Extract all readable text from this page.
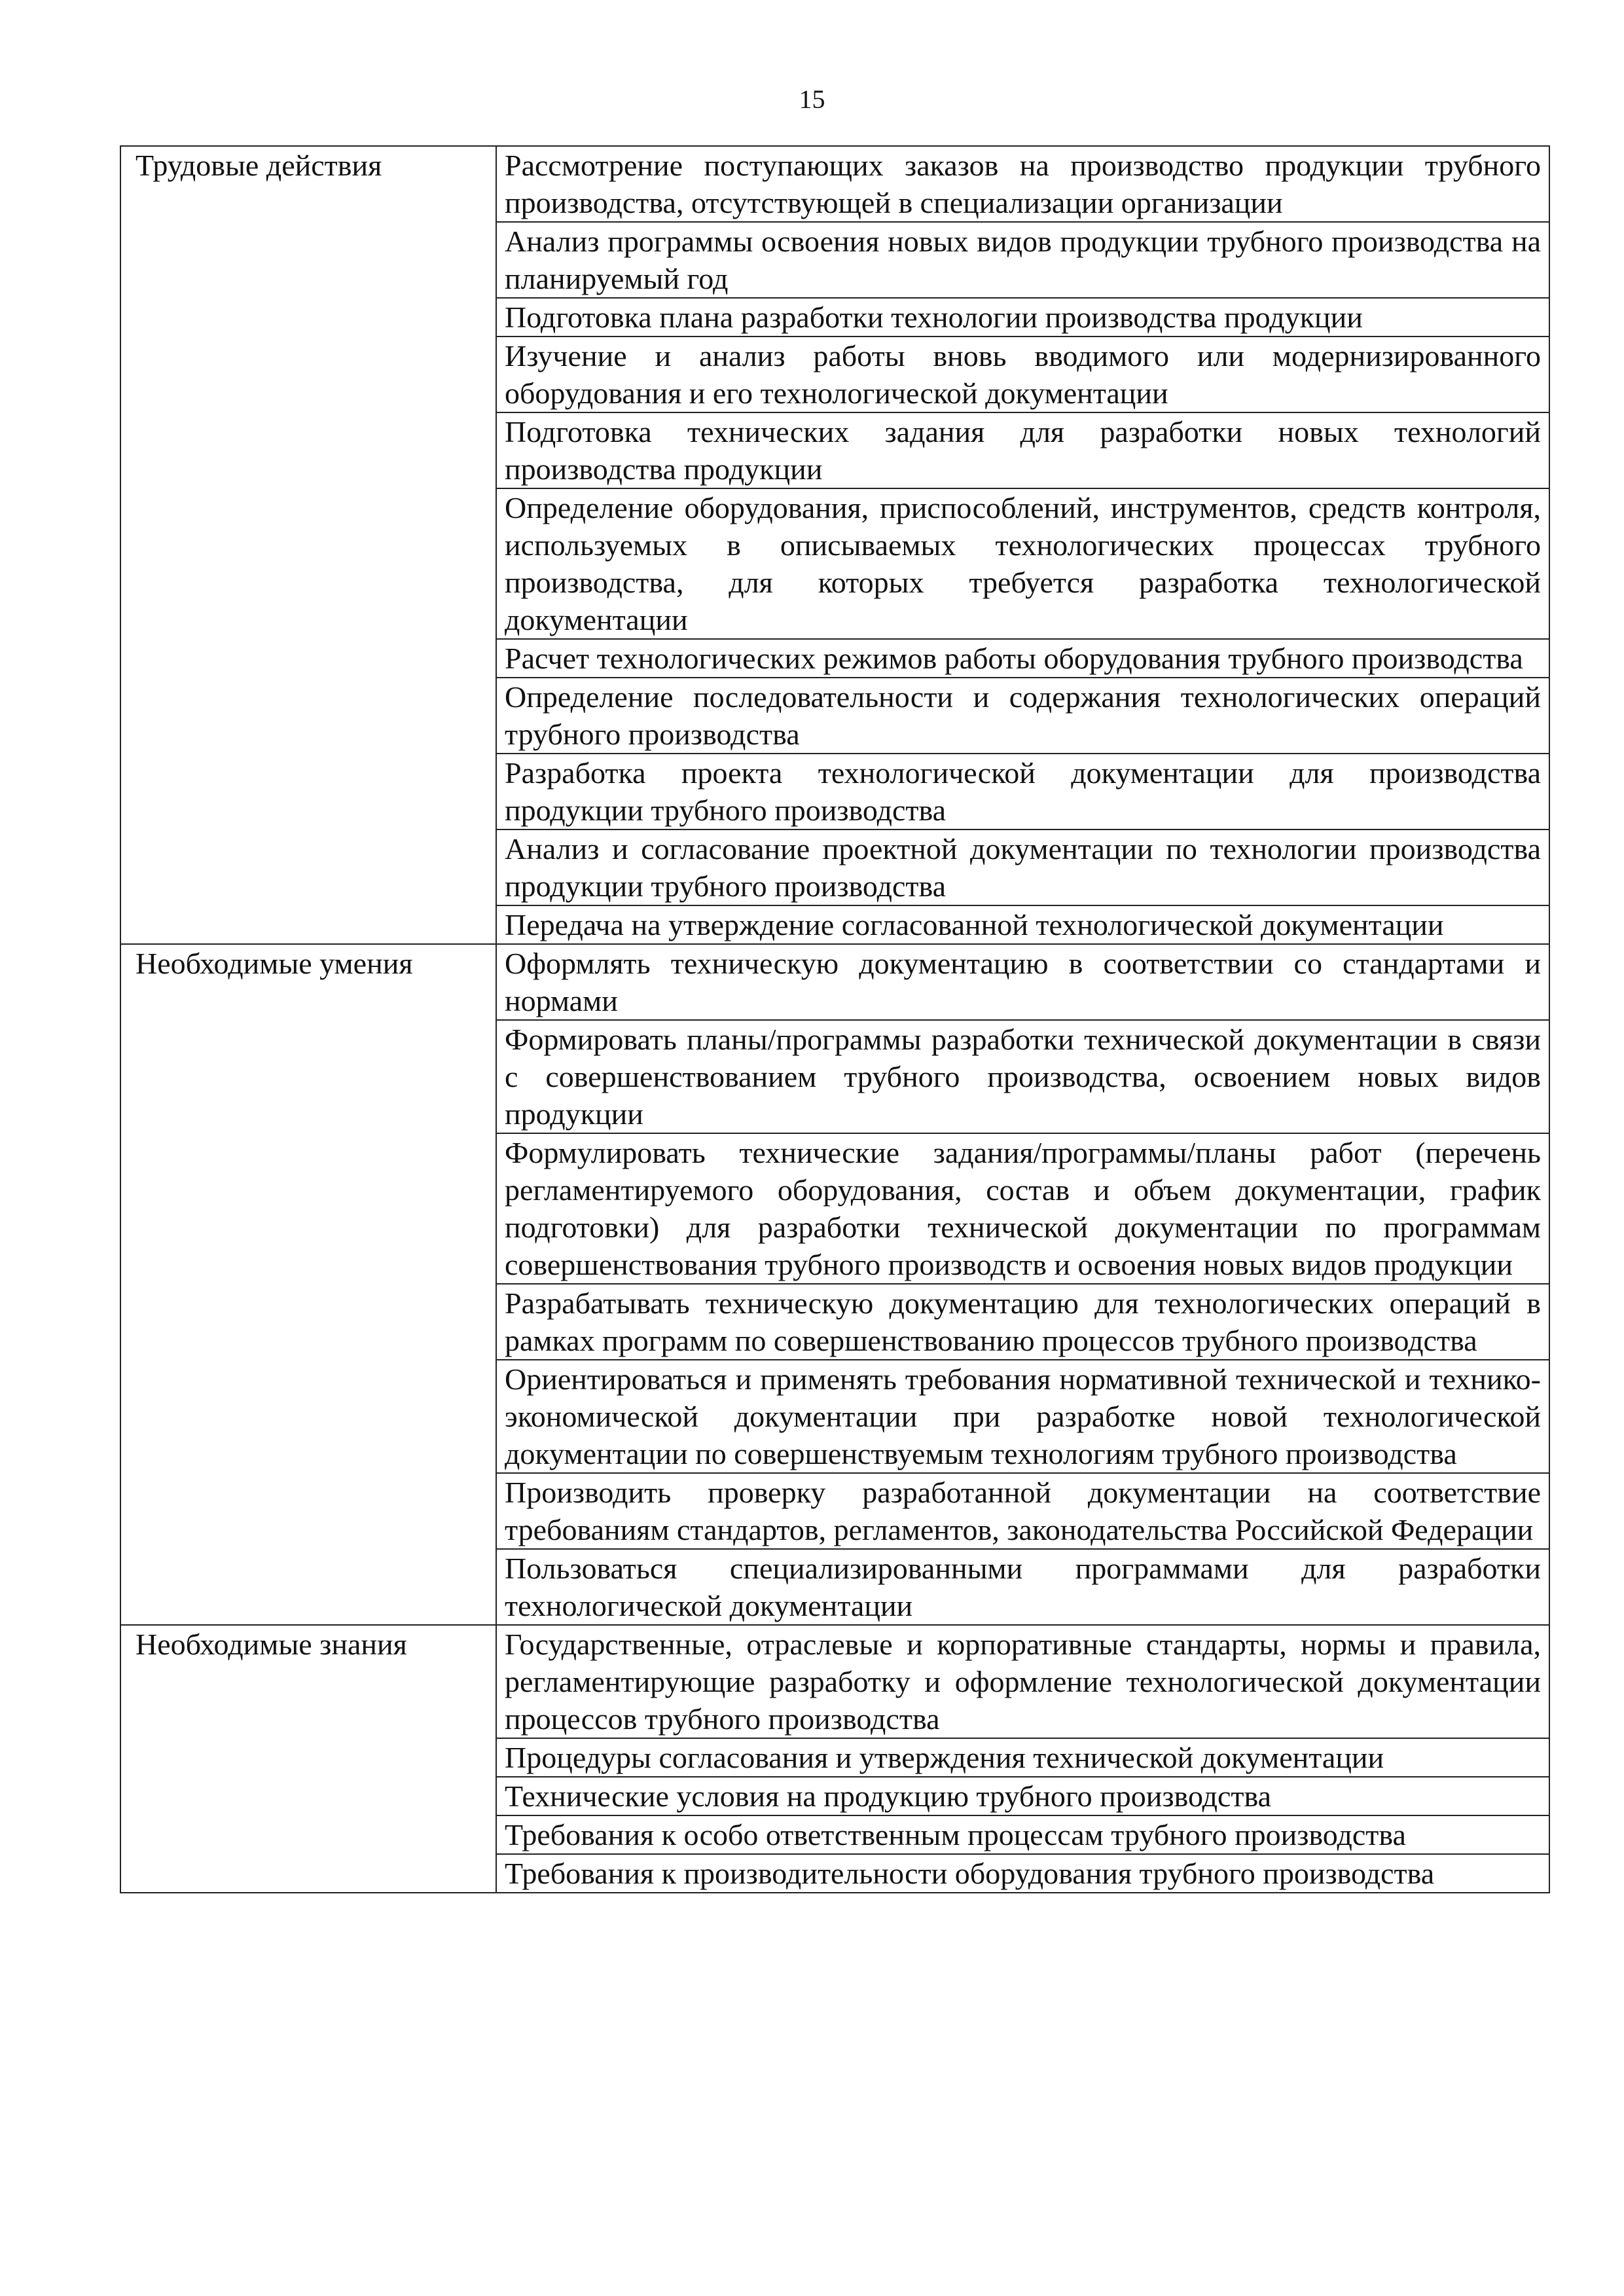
15
Трудовые действия	Рассмотрение поступающих заказов на производство продукции трубного производства, отсутствующей в специализации организации
	Анализ программы освоения новых видов продукции трубного производства на планируемый год
	Подготовка плана разработки технологии производства продукции
	Изучение и анализ работы вновь вводимого или модернизированного оборудования и его технологической документации
	Подготовка технических задания для разработки новых технологий производства продукции
	Определение оборудования, приспособлений, инструментов, средств контроля, используемых в описываемых технологических процессах трубного производства, для которых требуется разработка технологической документации
	Расчет технологических режимов работы оборудования трубного производства
	Определение последовательности и содержания технологических операций трубного производства
	Разработка проекта технологической документации для производства продукции трубного производства
	Анализ и согласование проектной документации по технологии производства продукции трубного производства
	Передача на утверждение согласованной технологической документации
Необходимые умения	Оформлять техническую документацию в соответствии со стандартами и нормами
	Формировать планы/программы разработки технической документации в связи с совершенствованием трубного производства, освоением новых видов продукции
	Формулировать технические задания/программы/планы работ (перечень регламентируемого оборудования, состав и объем документации, график подготовки) для разработки технической документации по программам совершенствования трубного производств и освоения новых видов продукции
	Разрабатывать техническую документацию для технологических операций в рамках программ по совершенствованию процессов трубного производства
	Ориентироваться и применять требования нормативной технической и технико-экономической документации при разработке новой технологической документации по совершенствуемым технологиям трубного производства
	Производить проверку разработанной документации на соответствие требованиям стандартов, регламентов, законодательства Российской Федерации
	Пользоваться специализированными программами для разработки технологической документации
Необходимые знания	Государственные, отраслевые и корпоративные стандарты, нормы и правила, регламентирующие разработку и оформление технологической документации процессов трубного производства
	Процедуры согласования и утверждения технической документации
	Технические условия на продукцию трубного производства
	Требования к особо ответственным процессам трубного производства
	Требования к производительности оборудования трубного производства
